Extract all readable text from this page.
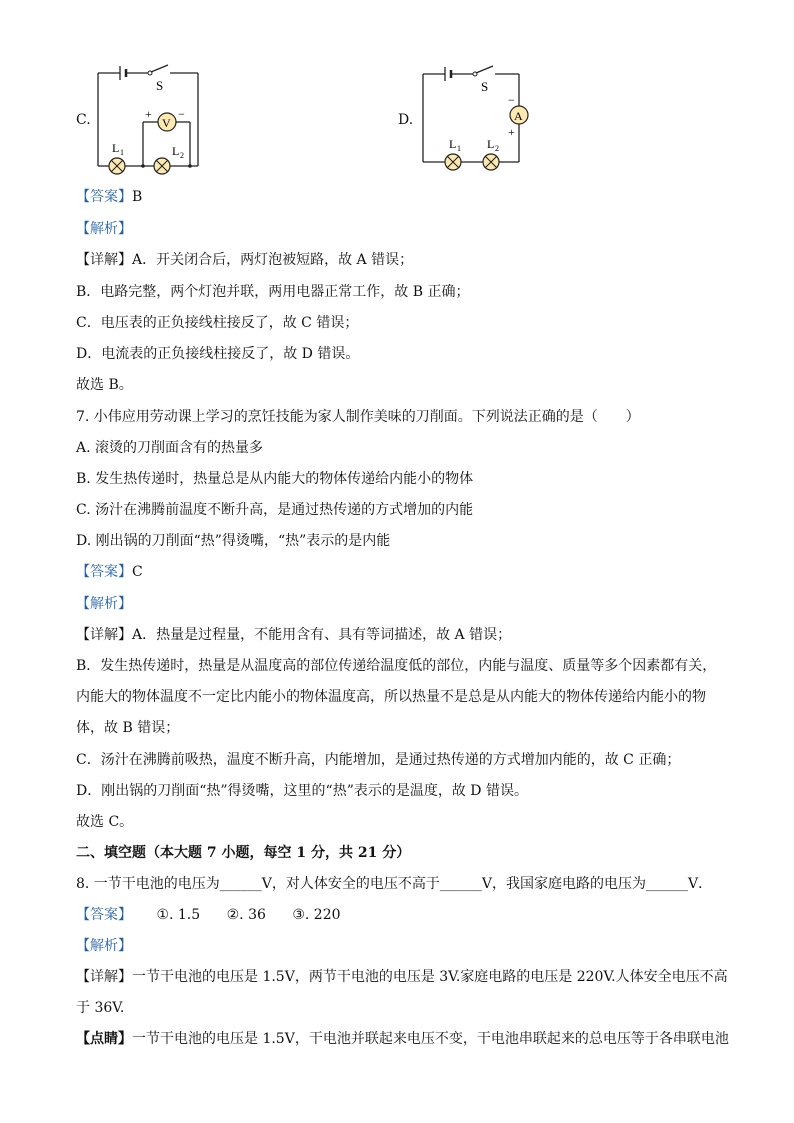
C.
S
L 1	L 2
V
+ −	D.
S
A
−
+
L 1 L 2
【答案】B
【解析】
【详解】A．开关闭合后，两灯泡被短路，故 A 错误；
B．电路完整，两个灯泡并联，两用电器正常工作，故 B 正确；
C．电压表的正负接线柱接反了，故 C 错误；
D．电流表的正负接线柱接反了，故 D 错误。
故选 B。
7. 小伟应用劳动课上学习的烹饪技能为家人制作美味的刀削面。下列说法正确的是（　　）
A. 滚烫的刀削面含有的热量多
B. 发生热传递时，热量总是从内能大的物体传递给内能小的物体
C. 汤汁在沸腾前温度不断升高，是通过热传递的方式增加的内能
D. 刚出锅的刀削面“热”得烫嘴，“热”表示的是内能
【答案】C
【解析】
【详解】A．热量是过程量，不能用含有、具有等词描述，故 A 错误；
B．发生热传递时，热量是从温度高的部位传递给温度低的部位，内能与温度、质量等多个因素都有关，
内能大的物体温度不一定比内能小的物体温度高，所以热量不是总是从内能大的物体传递给内能小的物
体，故 B 错误；
C．汤汁在沸腾前吸热，温度不断升高，内能增加，是通过热传递的方式增加内能的，故 C 正确；
D．刚出锅的刀削面“热”得烫嘴，这里的“热”表示的是温度，故 D 错误。
故选 C。
二、填空题（本大题 7 小题，每空 1 分，共 21 分）
8. 一节干电池的电压为______V，对人体安全的电压不高于______V，我国家庭电路的电压为______V．
【答案】 ①. 1.5 ②. 36 ③. 220
【解析】
【详解】一节干电池的电压是 1.5V，两节干电池的电压是 3V.家庭电路的电压是 220V.人体安全电压不高
于 36V.
【点睛】一节干电池的电压是 1.5V，干电池并联起来电压不变，干电池串联起来的总电压等于各串联电池
